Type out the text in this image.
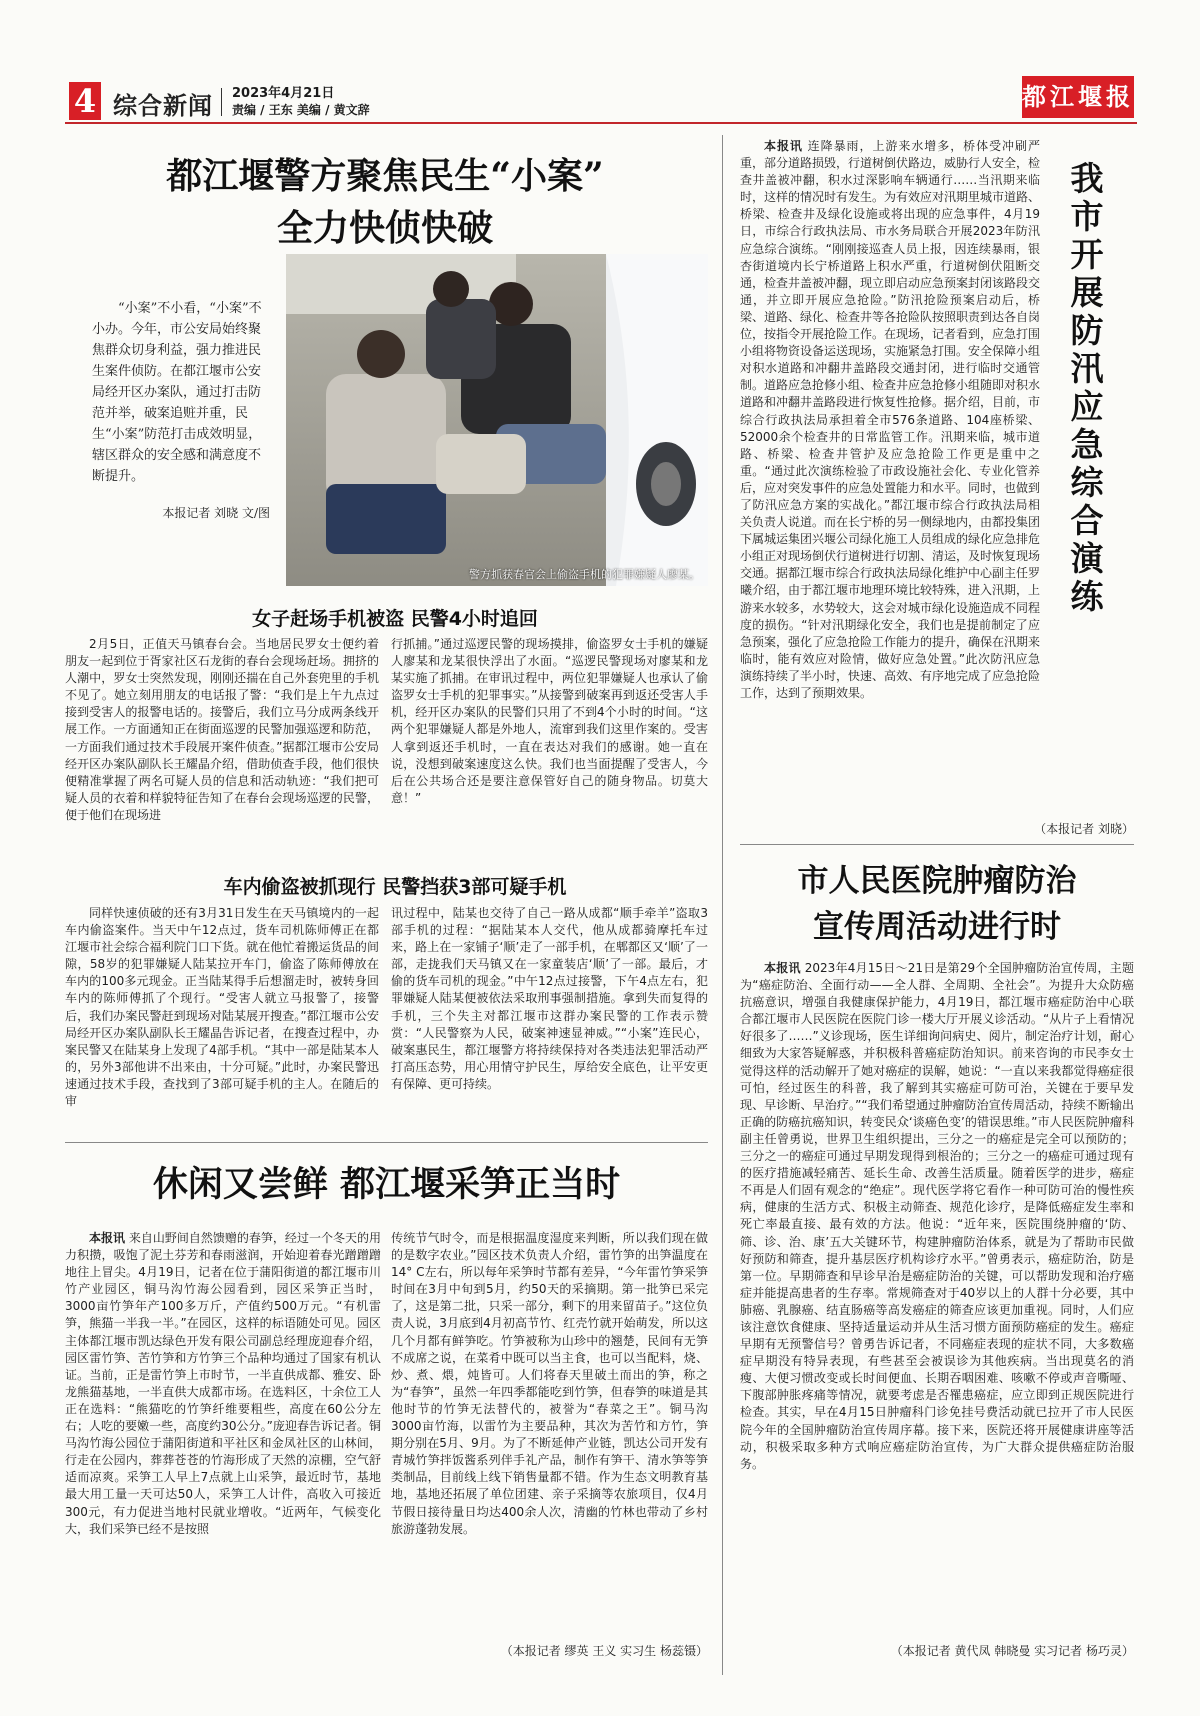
4 综合新闻 2023年4月21日
责编 / 王东 美编 / 黄文辞	都江堰报
都江堰警方聚焦民生“小案”
全力快侦快破

“小案”不小看，“小案”不小办。今年，市公安局始终聚焦群众切身利益，强力推进民生案件侦防。在都江堰市公安局经开区办案队，通过打击防范并举，破案追赃并重，民生“小案”防范打击成效明显，辖区群众的安全感和满意度不断提升。

本报记者 刘晓 文/图
警方抓获春官会上偷盗手机的犯罪嫌疑人廖某。
女子赶场手机被盗 民警4小时追回

2月5日，正值天马镇春台会。当地居民罗女士便约着朋友一起到位于胥家社区石龙街的春台会现场赶场。拥挤的人潮中，罗女士突然发现，刚刚还揣在自己外套兜里的手机不见了。她立刻用朋友的电话报了警：“我们是上午九点过接到受害人的报警电话的。接警后，我们立马分成两条线开展工作。一方面通知正在街面巡逻的民警加强巡逻和防范，一方面我们通过技术手段展开案件侦查。”据都江堰市公安局经开区办案队副队长王耀晶介绍，借助侦查手段，他们很快便精准掌握了两名可疑人员的信息和活动轨迹：“我们把可疑人员的衣着和样貌特征告知了在春台会现场巡逻的民警，便于他们在现场进

行抓捕。”通过巡逻民警的现场摸排，偷盗罗女士手机的嫌疑人廖某和龙某很快浮出了水面。“巡逻民警现场对廖某和龙某实施了抓捕。在审讯过程中，两位犯罪嫌疑人也承认了偷盗罗女士手机的犯罪事实。”从接警到破案再到返还受害人手机，经开区办案队的民警们只用了不到4个小时的时间。“这两个犯罪嫌疑人都是外地人，流窜到我们这里作案的。受害人拿到返还手机时，一直在表达对我们的感谢。她一直在说，没想到破案速度这么快。我们也当面提醒了受害人，今后在公共场合还是要注意保管好自己的随身物品。切莫大意！”

车内偷盗被抓现行 民警挡获3部可疑手机

同样快速侦破的还有3月31日发生在天马镇境内的一起车内偷盗案件。当天中午12点过，货车司机陈师傅正在都江堰市社会综合福利院门口下货。就在他忙着搬运货品的间隙，58岁的犯罪嫌疑人陆某拉开车门，偷盗了陈师傅放在车内的100多元现金。正当陆某得手后想溜走时，被转身回车内的陈师傅抓了个现行。“受害人就立马报警了，接警后，我们办案民警赶到现场对陆某展开搜查。”都江堰市公安局经开区办案队副队长王耀晶告诉记者，在搜查过程中，办案民警又在陆某身上发现了4部手机。“其中一部是陆某本人的，另外3部他讲不出来由，十分可疑。”此时，办案民警迅速通过技术手段，查找到了3部可疑手机的主人。在随后的审

讯过程中，陆某也交待了自己一路从成都“顺手牵羊”盗取3部手机的过程：“据陆某本人交代，他从成都骑摩托车过来，路上在一家铺子‘顺’走了一部手机，在郫都区又‘顺’了一部，走拢我们天马镇又在一家童装店‘顺’了一部。最后，才偷的货车司机的现金。”中午12点过接警，下午4点左右，犯罪嫌疑人陆某便被依法采取刑事强制措施。拿到失而复得的手机，三个失主对都江堰市这群办案民警的工作表示赞赏：“人民警察为人民，破案神速显神威。”“小案”连民心，破案惠民生，都江堰警方将持续保持对各类违法犯罪活动严打高压态势，用心用情守护民生，厚给安全底色，让平安更有保障、更可持续。

休闲又尝鲜 都江堰采笋正当时

本报讯 来自山野间自然馈赠的春笋，经过一个冬天的用力积攒，吸饱了泥土芬芳和春雨滋润，开始迎着春光蹭蹭蹭地往上冒尖。4月19日，记者在位于蒲阳街道的都江堰市川竹产业园区，铜马沟竹海公园看到，园区采笋正当时，3000亩竹笋年产100多万斤，产值约500万元。“有机雷笋，熊猫一半我一半。”在园区，这样的标语随处可见。园区主体都江堰市凯达绿色开发有限公司副总经理庞迎春介绍，园区雷竹笋、苦竹笋和方竹笋三个品种均通过了国家有机认证。当前，正是雷竹笋上市时节，一半直供成都、雅安、卧龙熊猫基地，一半直供大成都市场。在选料区，十余位工人正在选料：“熊猫吃的竹笋纤维要粗些，高度在60公分左右；人吃的要嫩一些，高度约30公分。”庞迎春告诉记者。铜马沟竹海公园位于蒲阳街道和平社区和金凤社区的山林间，行走在公园内，葬葬苍苍的竹海形成了天然的凉棚，空气舒适而凉爽。采笋工人早上7点就上山采笋，最近时节，基地最大用工量一天可达50人，采笋工人计件，高收入可接近300元，有力促进当地村民就业增收。“近两年，气候变化大，我们采笋已经不是按照

传统节气时令，而是根据温度湿度来判断，所以我们现在做的是数字农业。”园区技术负责人介绍，雷竹笋的出笋温度在14° C左右，所以每年采笋时节都有差异，“今年雷竹笋采笋时间在3月中旬到5月，约50天的采摘期。第一批笋已采完了，这是第二批，只采一部分，剩下的用来留苗子。”这位负责人说，3月底到4月初高节竹、红壳竹就开始萌发，所以这几个月都有鲜笋吃。竹笋被称为山珍中的翘楚，民间有无笋不成席之说，在菜肴中既可以当主食，也可以当配料，烧、炒、煮、煨，炖皆可。人们将春天里破土而出的笋，称之为“春笋”，虽然一年四季都能吃到竹笋，但春笋的味道是其他时节的竹笋无法替代的，被誉为“春菜之王”。铜马沟3000亩竹海，以雷竹为主要品种，其次为苦竹和方竹，笋期分别在5月、9月。为了不断延伸产业链，凯达公司开发有青城竹笋拌饭酱系列伴手礼产品，制作有笋干、清水笋等笋类制品，目前线上线下销售量都不错。作为生态文明教育基地，基地还拓展了单位团建、亲子采摘等农旅项目，仅4月节假日接待量日均达400余人次，清幽的竹林也带动了乡村旅游蓬勃发展。

（本报记者 缪英 王义 实习生 杨蕊镊）

本报讯 连降暴雨，上游来水增多，桥体受冲刷严重，部分道路损毁，行道树倒伏路边，威胁行人安全，检查井盖被冲翻，积水过深影响车辆通行……当汛期来临时，这样的情况时有发生。为有效应对汛期里城市道路、桥梁、检查井及绿化设施或将出现的应急事件，4月19日，市综合行政执法局、市水务局联合开展2023年防汛应急综合演练。“刚刚接巡查人员上报，因连续暴雨，银杏街道境内长宁桥道路上积水严重，行道树倒伏阻断交通，检查井盖被冲翻，现立即启动应急预案封闭该路段交通，并立即开展应急抢险。”防汛抢险预案启动后，桥梁、道路、绿化、检查井等各抢险队按照职责到达各自岗位，按指令开展抢险工作。在现场，记者看到，应急打围小组将物资设备运送现场，实施紧急打围。安全保障小组对积水道路和冲翻井盖路段交通封闭，进行临时交通管制。道路应急抢修小组、检查井应急抢修小组随即对积水道路和冲翻井盖路段进行恢复性抢修。据介绍，目前，市综合行政执法局承担着全市576条道路、104座桥梁、52000余个检查井的日常监管工作。汛期来临，城市道路、桥梁、检查井管护及应急抢险工作更是重中之重。“通过此次演练检验了市政设施社会化、专业化管养后，应对突发事件的应急处置能力和水平。同时，也做到了防汛应急方案的实战化。”都江堰市综合行政执法局相关负责人说道。而在长宁桥的另一侧绿地内，由都投集团下属城运集团兴堰公司绿化施工人员组成的绿化应急排危小组正对现场倒伏行道树进行切割、清运，及时恢复现场交通。据都江堰市综合行政执法局绿化维护中心副主任罗曦介绍，由于都江堰市地理环境比较特殊，进入汛期，上游来水较多，水势较大，这会对城市绿化设施造成不同程度的损伤。“针对汛期绿化安全，我们也是提前制定了应急预案，强化了应急抢险工作能力的提升，确保在汛期来临时，能有效应对险情，做好应急处置。”此次防汛应急演练持续了半小时，快速、高效、有序地完成了应急抢险工作，达到了预期效果。

我市开展防汛应急综合演练
（本报记者 刘晓）
市人民医院肿瘤防治
宣传周活动进行时

本报讯 2023年4月15日～21日是第29个全国肿瘤防治宣传周，主题为“癌症防治、全面行动——全人群、全周期、全社会”。为提升大众防癌抗癌意识，增强自我健康保护能力，4月19日，都江堰市癌症防治中心联合都江堰市人民医院在医院门诊一楼大厅开展义诊活动。“从片子上看情况好很多了……”义诊现场，医生详细询问病史、阅片，制定治疗计划，耐心细致为大家答疑解惑，并积极科普癌症防治知识。前来咨询的市民李女士觉得这样的活动解开了她对癌症的误解，她说：“一直以来我都觉得癌症很可怕，经过医生的科普，我了解到其实癌症可防可治，关键在于要早发现、早诊断、早治疗。”“我们希望通过肿瘤防治宣传周活动，持续不断输出正确的防癌抗癌知识，转变民众‘谈癌色变’的错误思维。”市人民医院肿瘤科副主任曾勇说，世界卫生组织提出，三分之一的癌症是完全可以预防的；三分之一的癌症可通过早期发现得到根治的；三分之一的癌症可通过现有的医疗措施减轻痛苦、延长生命、改善生活质量。随着医学的进步，癌症不再是人们固有观念的“绝症”。现代医学将它看作一种可防可治的慢性疾病，健康的生活方式、积极主动筛查、规范化诊疗，是降低癌症发生率和死亡率最直接、最有效的方法。他说：“近年来，医院围绕肿瘤的‘防、筛、诊、治、康’五大关键环节，构建肿瘤防治体系，就是为了帮助市民做好预防和筛查，提升基层医疗机构诊疗水平。”曾勇表示，癌症防治，防是第一位。早期筛查和早诊早治是癌症防治的关键，可以帮助发现和治疗癌症并能提高患者的生存率。常规筛查对于40岁以上的人群十分必要，其中肺癌、乳腺癌、结直肠癌等高发癌症的筛查应该更加重视。同时，人们应该注意饮食健康、坚持适量运动并从生活习惯方面预防癌症的发生。癌症早期有无预警信号？曾勇告诉记者，不同癌症表现的症状不同，大多数癌症早期没有特异表现，有些甚至会被误诊为其他疾病。当出现莫名的消瘦、大便习惯改变或长时间便血、长期吞咽困难、咳嗽不停或声音嘶哑、下腹部肿胀疼痛等情况，就要考虑是否罹患癌症，应立即到正规医院进行检查。其实，早在4月15日肿瘤科门诊免挂号费活动就已拉开了市人民医院今年的全国肿瘤防治宣传周序幕。接下来，医院还将开展健康讲座等活动，积极采取多种方式响应癌症防治宣传，为广大群众提供癌症防治服务。

（本报记者 黄代凤 韩晓曼 实习记者 杨巧灵）
